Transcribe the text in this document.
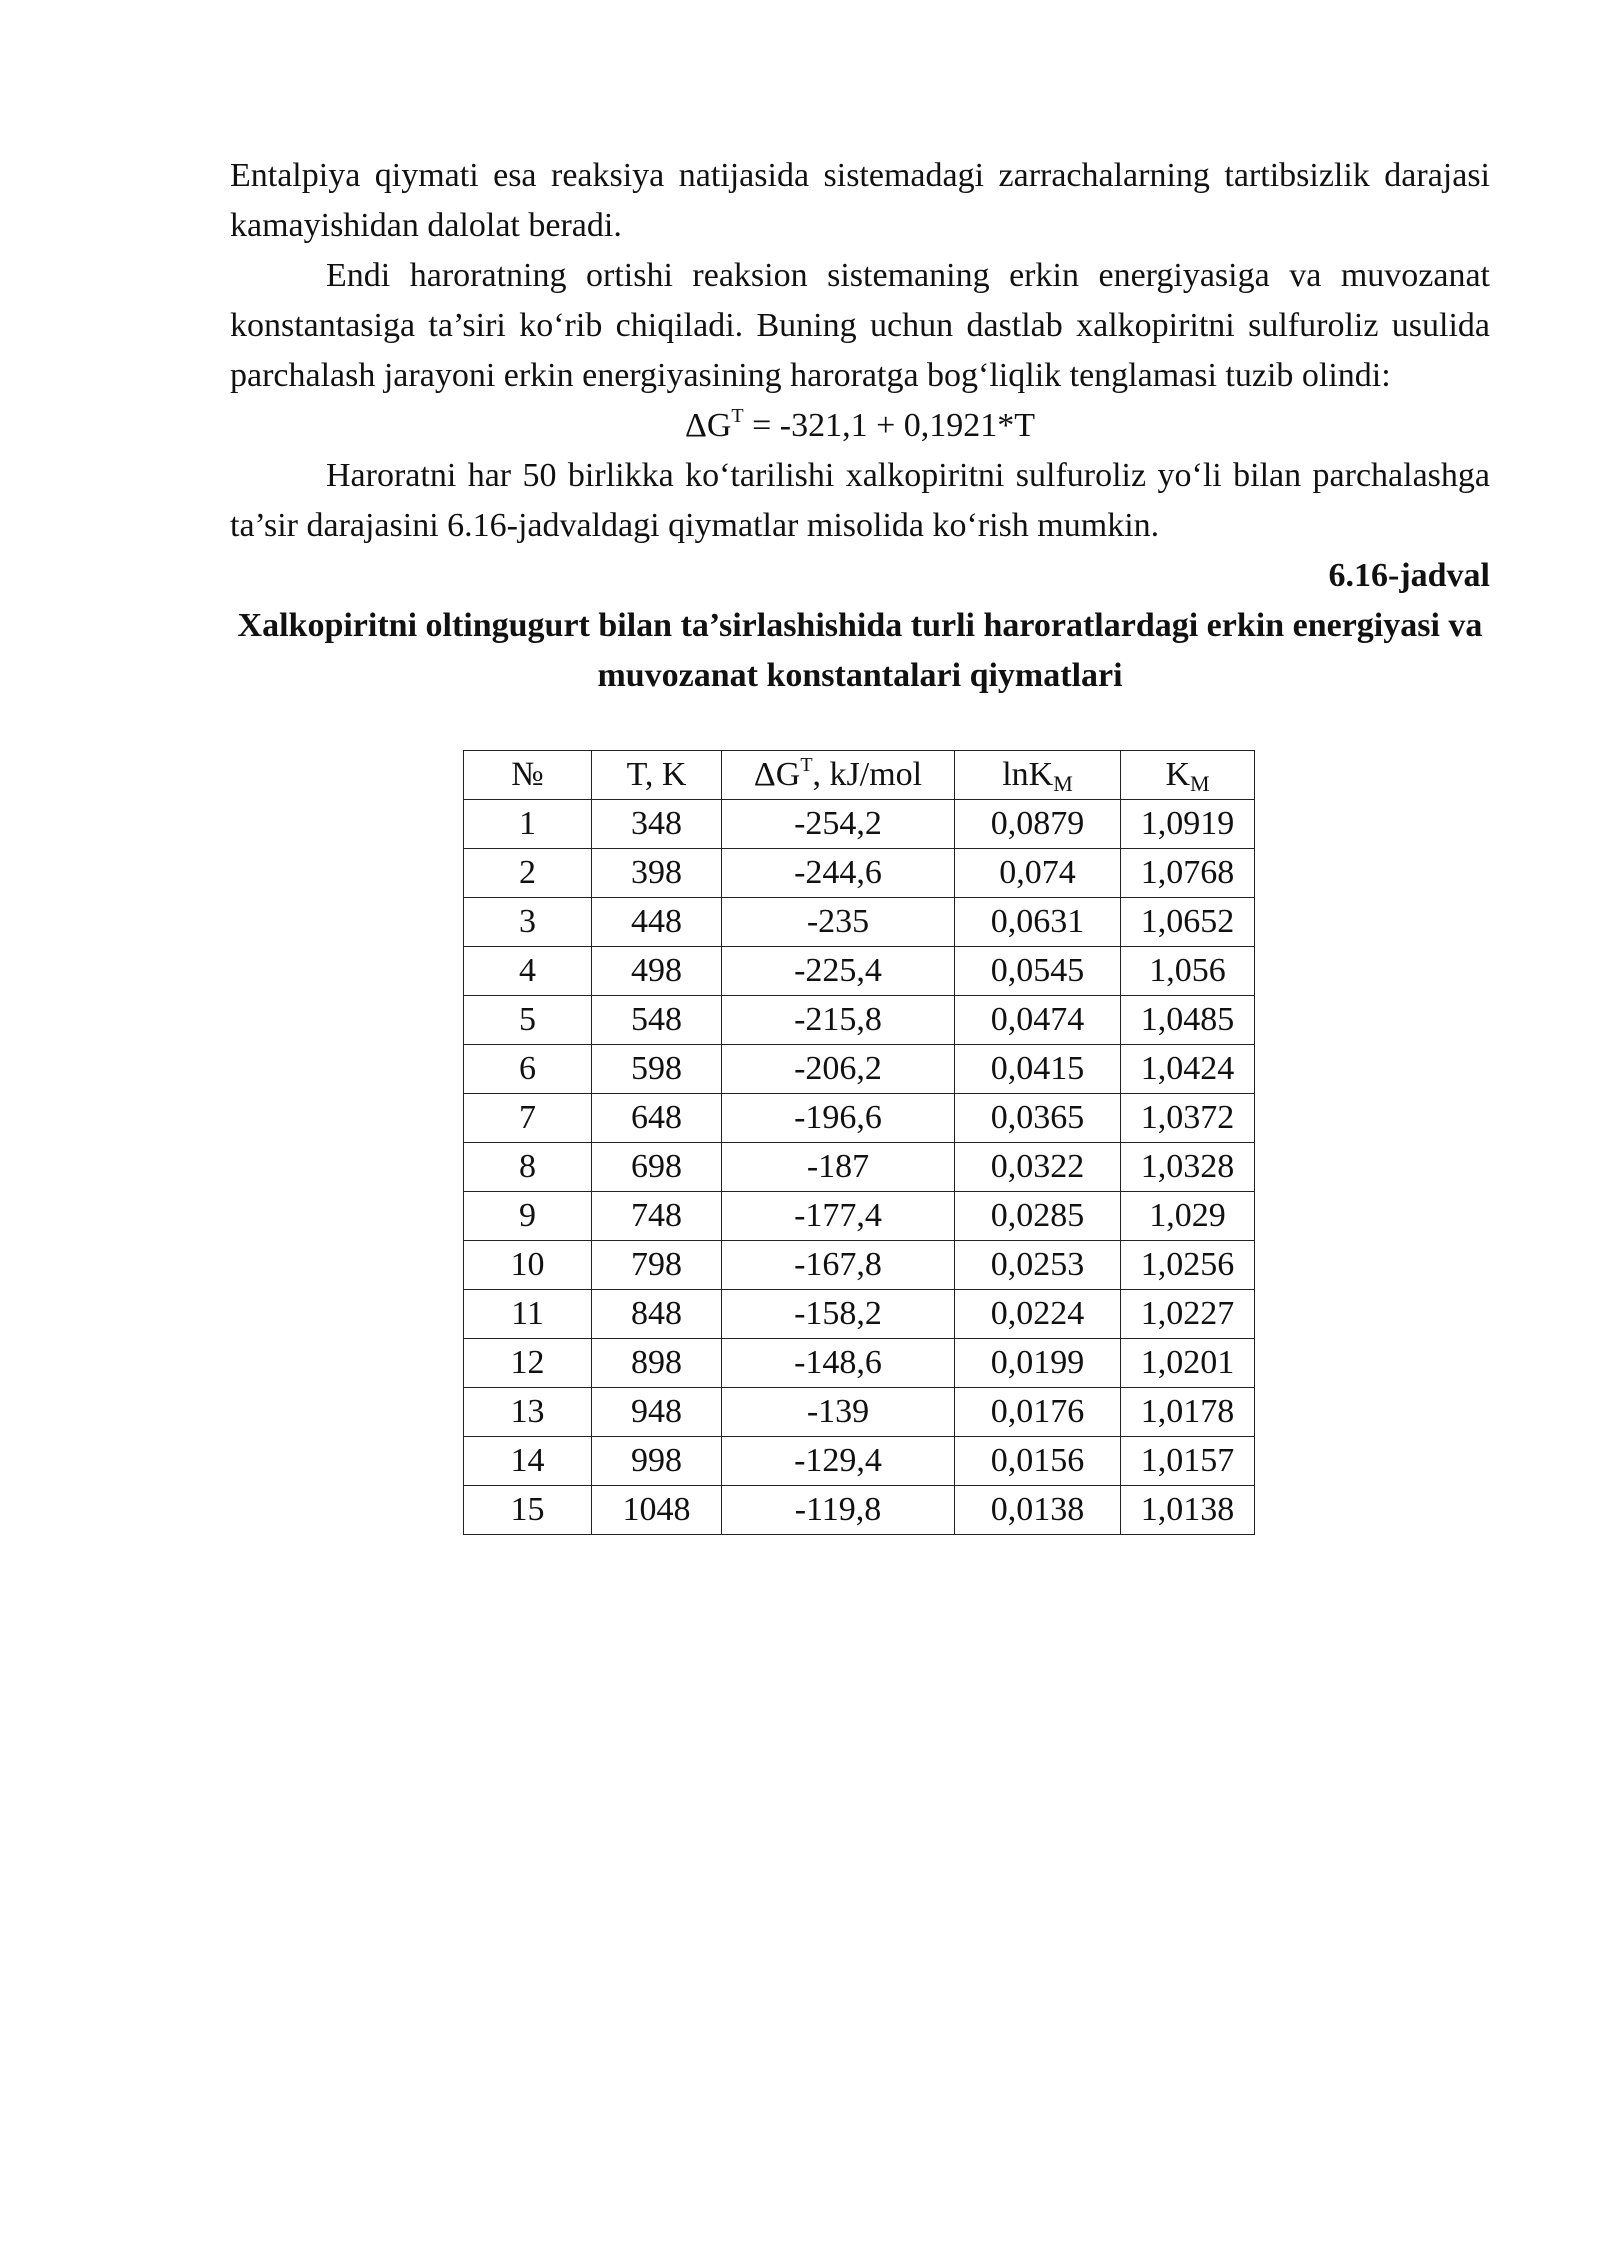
Entalpiya qiymati esa reaksiya natijasida sistemadagi zarrachalarning tartibsizlik darajasi kamayishidan dalolat beradi.

Endi haroratning ortishi reaksion sistemaning erkin energiyasiga va muvozanat konstantasiga ta’siri ko‘rib chiqiladi. Buning uchun dastlab xalkopiritni sulfuroliz usulida parchalash jarayoni erkin energiyasining haroratga bog‘liqlik tenglamasi tuzib olindi:

$\Delta G^T = -321,1 + 0,1921*T$

Haroratni har 50 birlikka ko‘tarilishi xalkopiritni sulfuroliz yo‘li bilan parchalashga ta’sir darajasini 6.16-jadvaldagi qiymatlar misolida ko‘rish mumkin.

6.16-jadval

Xalkopiritni oltingugurt bilan ta’sirlashishida turli haroratlardagi erkin energiyasi va muvozanat konstantalari qiymatlari

№	T, K	$\Delta G^T$, kJ/mol	lnK$_M$	$K_M$
1	348	-254,2	0,0879	1,0919
2	398	-244,6	0,074	1,0768
3	448	-235	0,0631	1,0652
4	498	-225,4	0,0545	1,056
5	548	-215,8	0,0474	1,0485
6	598	-206,2	0,0415	1,0424
7	648	-196,6	0,0365	1,0372
8	698	-187	0,0322	1,0328
9	748	-177,4	0,0285	1,029
10	798	-167,8	0,0253	1,0256
11	848	-158,2	0,0224	1,0227
12	898	-148,6	0,0199	1,0201
13	948	-139	0,0176	1,0178
14	998	-129,4	0,0156	1,0157
15	1048	-119,8	0,0138	1,0138
